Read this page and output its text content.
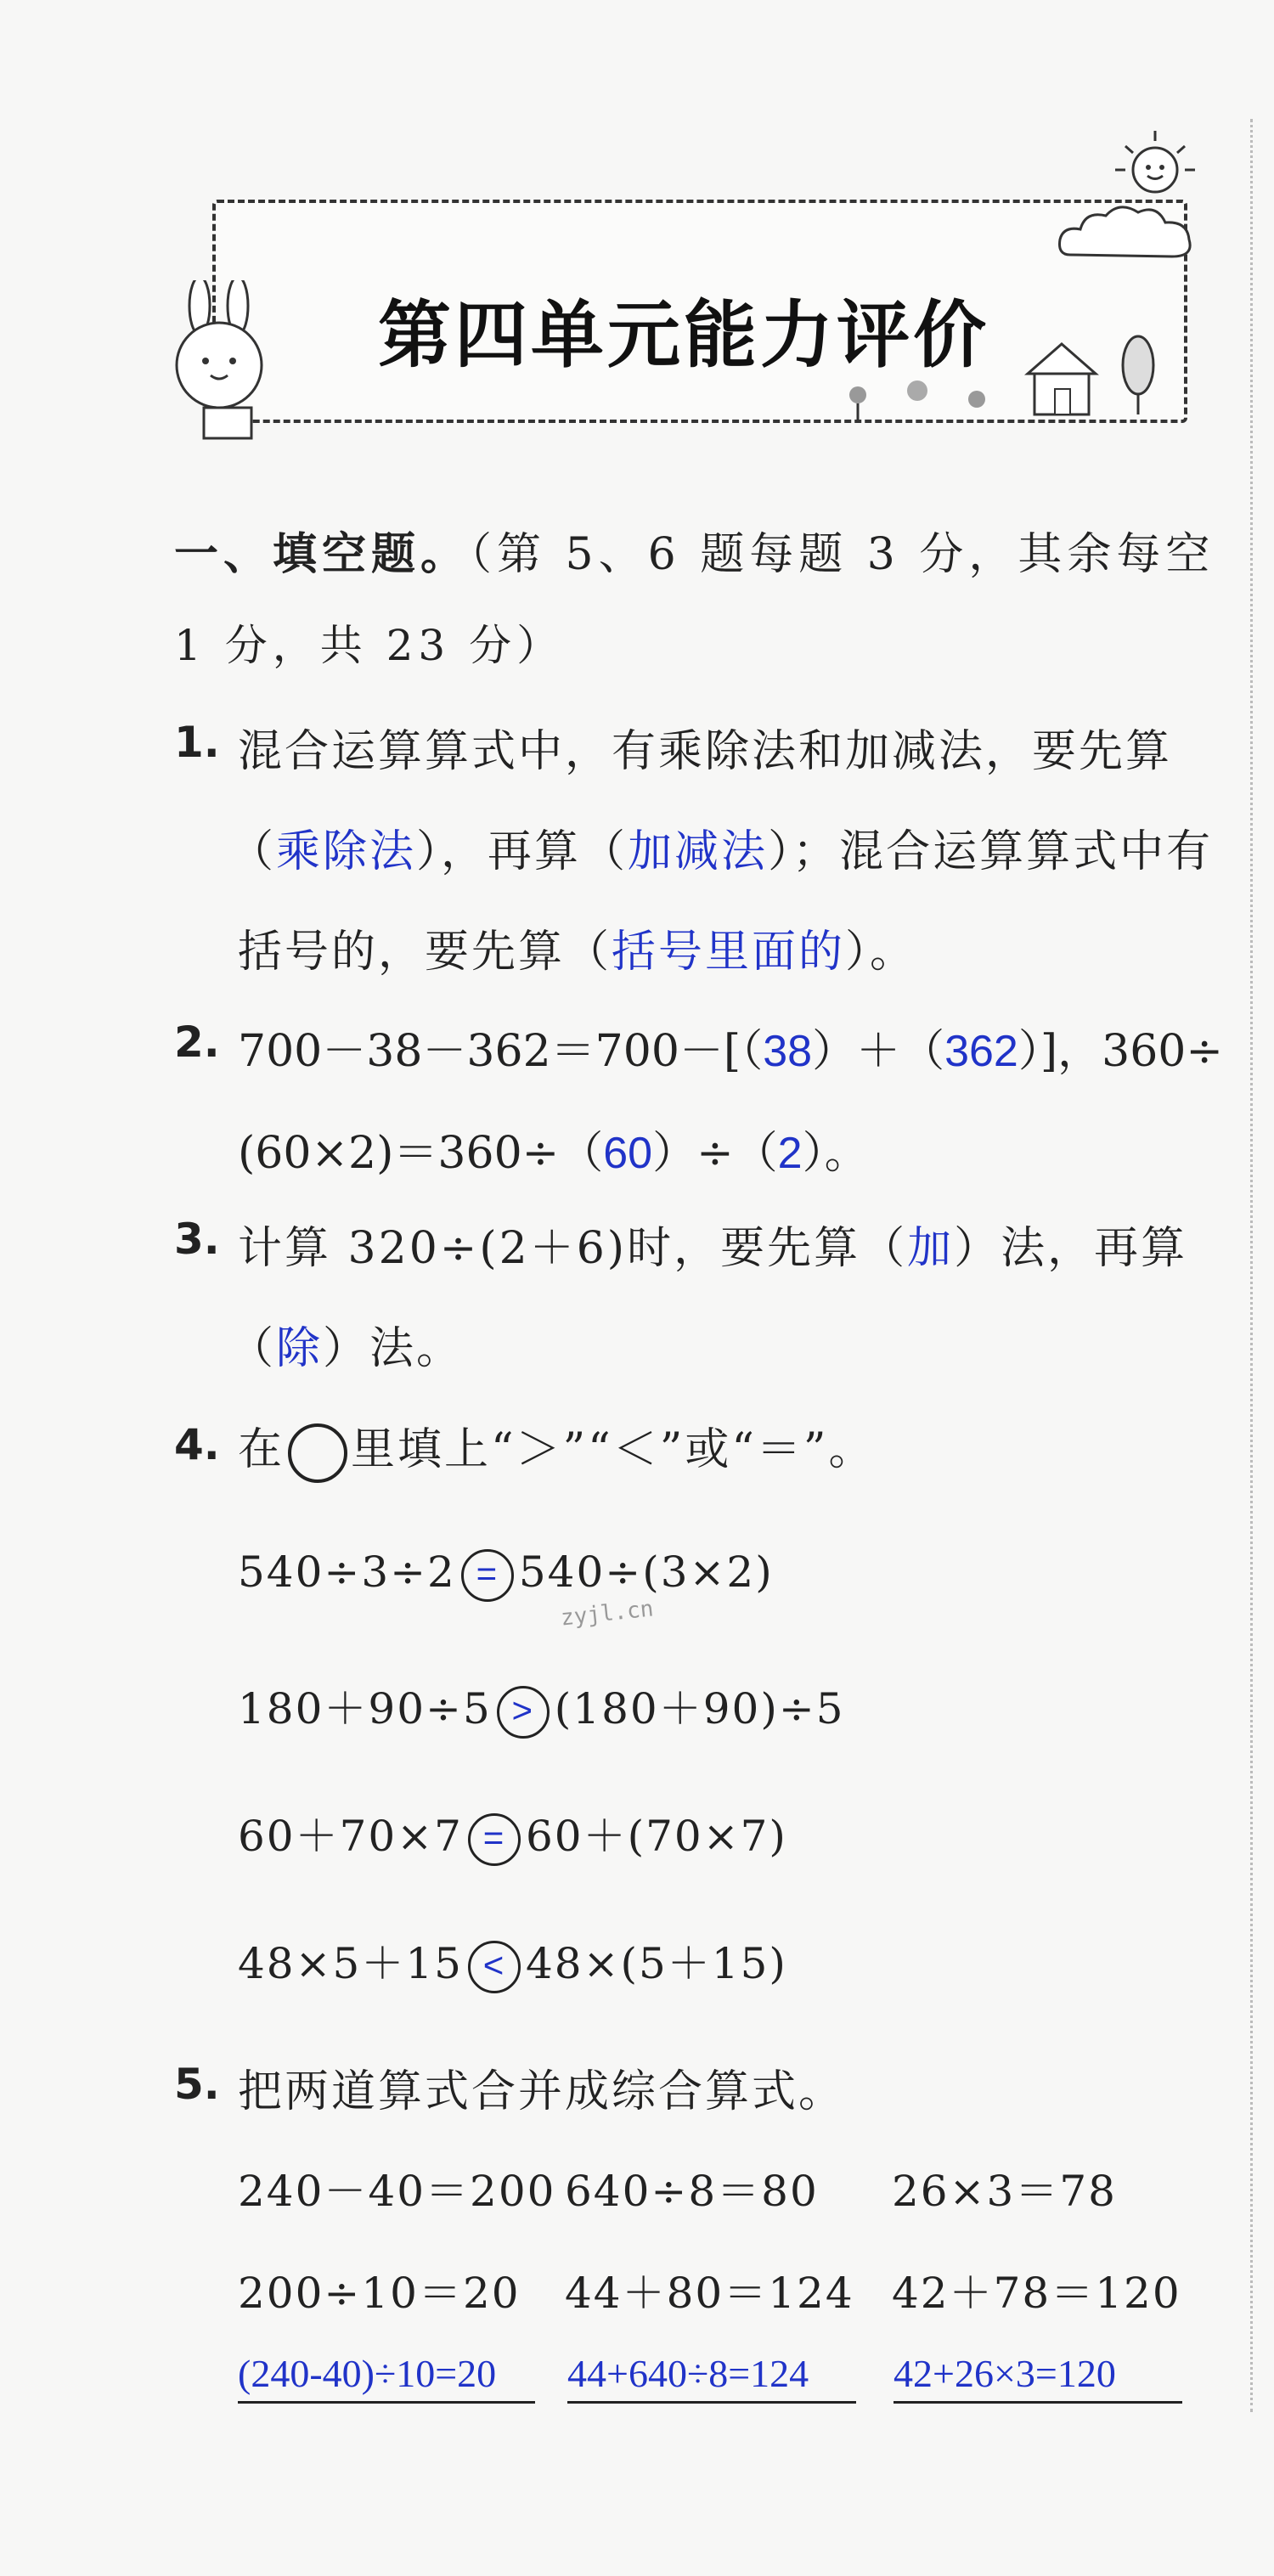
第四单元能力评价
一、填空题。（第 5、6 题每题 3 分，其余每空
1 分，共 23 分）
1. 混合运算算式中，有乘除法和加减法，要先算
（乘除法），再算（加减法）；混合运算算式中有
括号的，要先算（括号里面的）。
2. 700－38－362＝700－[（38）＋（362）]，360÷
(60×2)＝360÷（60）÷（2）。
3. 计算 320÷(2＋6)时，要先算（加）法，再算
（除）法。
4. 在 里填上“＞”“＜”或“＝”。
540÷3÷2 = 540÷(3×2)
zyjl.cn
180＋90÷5 > (180＋90)÷5
60＋70×7 = 60＋(70×7)
48×5＋15 < 48×(5＋15)
5. 把两道算式合并成综合算式。
240－40＝200 640÷8＝80 26×3＝78
200÷10＝20 44＋80＝124 42＋78＝120
(240-40)÷10=20	44+640÷8=124	42+26×3=120
